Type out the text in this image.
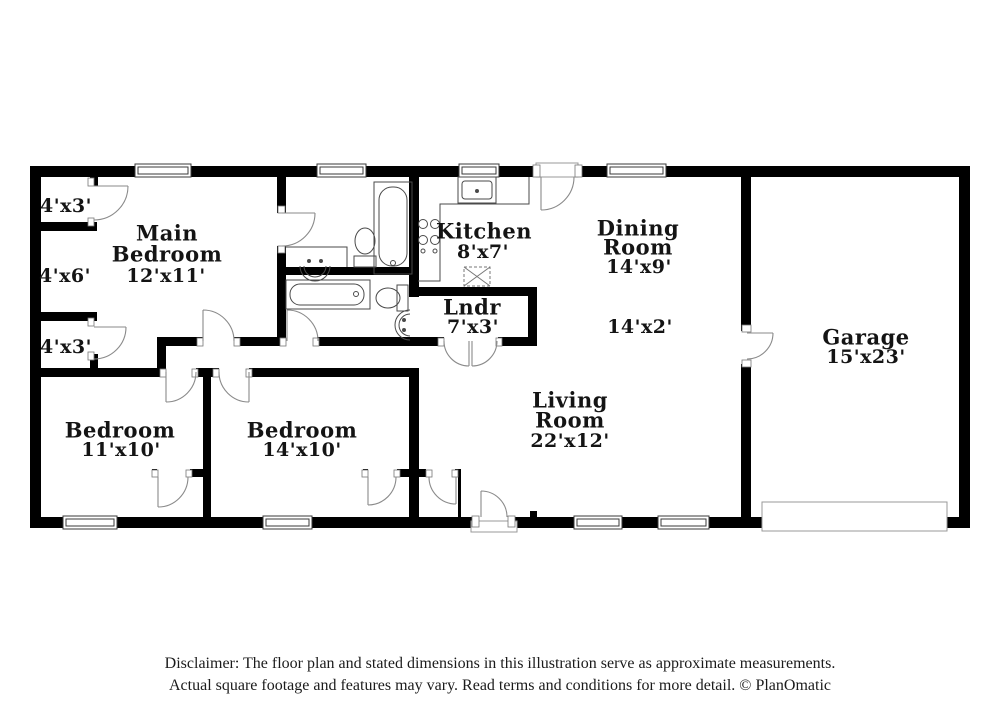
Main
Bedroom
12'x11'
4'x3'
4'x6'
4'x3'
Kitchen
8'x7'
Dining
Room
14'x9'
14'x2'
Lndr
7'x3'	Garage
15'x23'
Living
Room
22'x12'
Bedroom
11'x10'
Bedroom
14'x10'
Disclaimer: The floor plan and stated dimensions in this illustration serve as approximate measurements.
Actual square footage and features may vary. Read terms and conditions for more detail. © PlanOmatic
